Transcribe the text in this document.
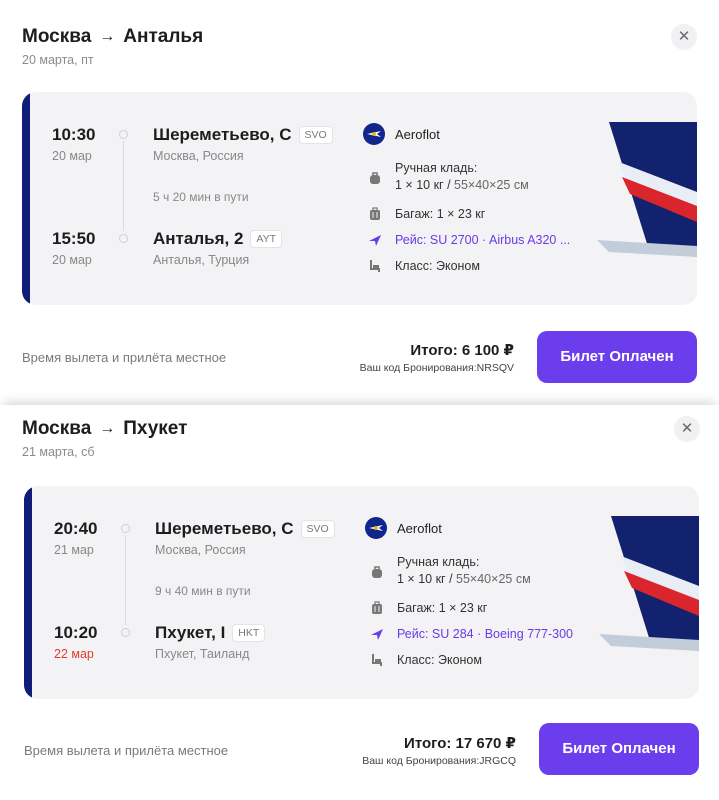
Москва → Анталья
20 марта, пт
✕
10:30
20 мар
15:50
20 мар
Шереметьево, C SVO
Москва, Россия
5 ч 20 мин в пути
Анталья, 2 AYT
Анталья, Турция
Aeroflot
Ручная кладь:
1 × 10 кг / 55×40×25 см
Багаж: 1 × 23 кг
Рейс: SU 2700 · Airbus A320 ...
Класс: Эконом
Время вылета и прилёта местное	Итого: 6 100 ₽
Ваш код Бронирования:NRSQV
Билет Оплачен
Москва → Пхукет
21 марта, сб
✕
20:40
21 мар
10:20
22 мар
Шереметьево, C SVO
Москва, Россия
9 ч 40 мин в пути
Пхукет, I HKT
Пхукет, Таиланд
Aeroflot
Ручная кладь:
1 × 10 кг / 55×40×25 см
Багаж: 1 × 23 кг
Рейс: SU 284 · Boeing 777-300
Класс: Эконом
Время вылета и прилёта местное	Итого: 17 670 ₽
Ваш код Бронирования:JRGCQ
Билет Оплачен
